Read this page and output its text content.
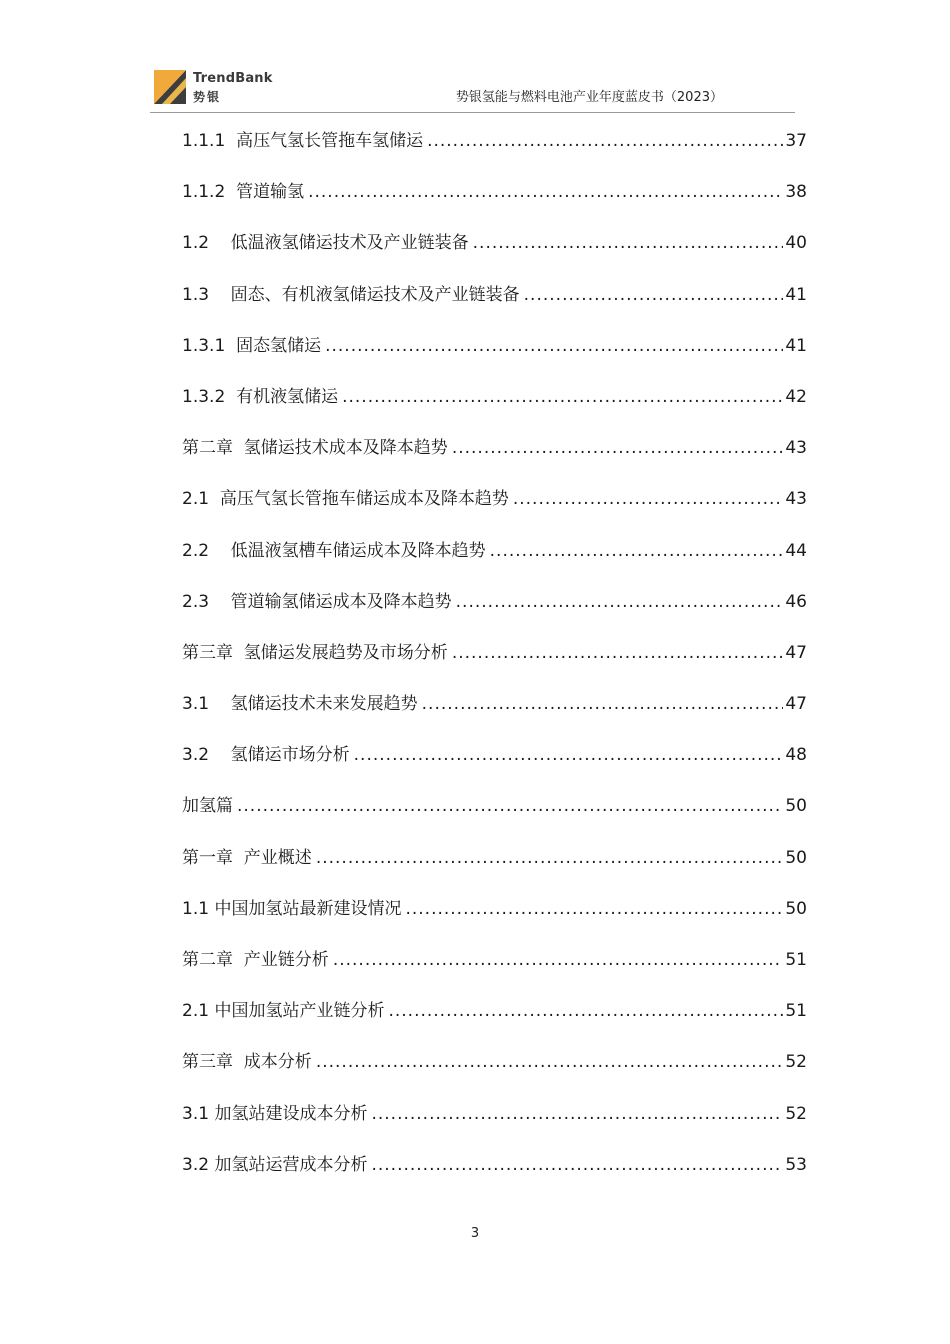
TrendBank
势银	势银氢能与燃料电池产业年度蓝皮书（2023）
1.1.1  高压气氢长管拖车氢储运 .....	37
1.1.2  管道输氢 .....	38
1.2    低温液氢储运技术及产业链装备 .....	40
1.3    固态、有机液氢储运技术及产业链装备 .....	41
1.3.1  固态氢储运 .....	41
1.3.2  有机液氢储运 .....	42
第二章  氢储运技术成本及降本趋势 .....	43
2.1  高压气氢长管拖车储运成本及降本趋势 .....	43
2.2    低温液氢槽车储运成本及降本趋势 .....	44
2.3    管道输氢储运成本及降本趋势 .....	46
第三章  氢储运发展趋势及市场分析 .....	47
3.1    氢储运技术未来发展趋势 .....	47
3.2    氢储运市场分析 .....	48
加氢篇 .....	50
第一章  产业概述 .....	50
1.1 中国加氢站最新建设情况 .....	50
第二章  产业链分析 .....	51
2.1 中国加氢站产业链分析 .....	51
第三章  成本分析 .....	52
3.1 加氢站建设成本分析 .....	52
3.2 加氢站运营成本分析 .....	53
3
